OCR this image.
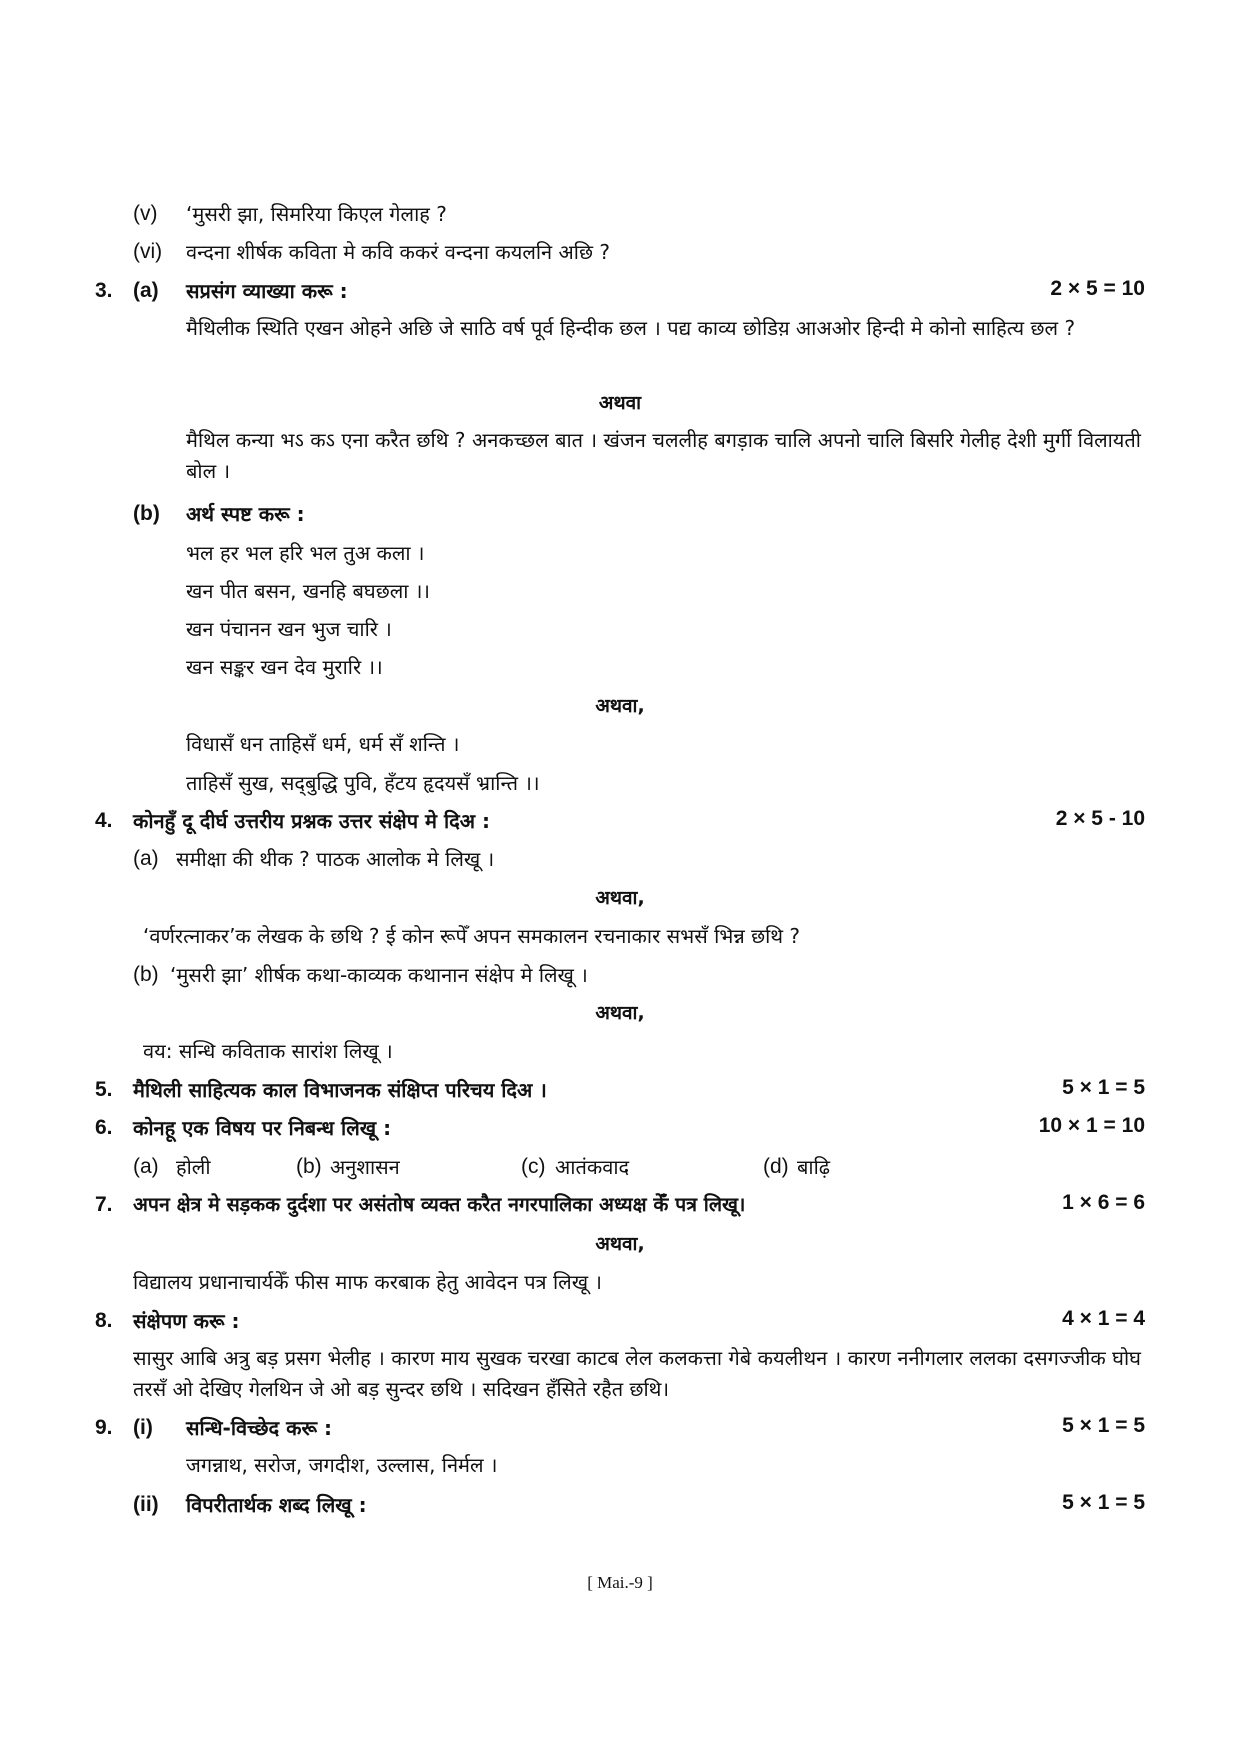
(v) ‘मुसरी झा, सिमरिया किएल गेलाह ?
(vi) वन्दना शीर्षक कविता मे कवि ककरं वन्दना कयलनि अछि ?
3. (a) सप्रसंग व्याख्या करू :	2 × 5 = 10
मैथिलीक स्थिति एखन ओहने अछि जे साठि वर्ष पूर्व हिन्दीक छल । पद्य काव्य छोडिय़ आअओर हिन्दी मे कोनो साहित्य छल ?
अथवा
मैथिल कन्या भऽ कऽ एना करैत छथि ? अनकच्छल बात । खंजन चललीह बगड़ाक चालि अपनो चालि बिसरि गेलीह देशी मुर्गी विलायती बोल ।
(b) अर्थ स्पष्ट करू :
भल हर भल हरि भल तुअ कला ।
खन पीत बसन, खनहि बघछला ।।
खन पंचानन खन भुज चारि ।
खन सङ्कर खन देव मुरारि ।।
अथवा,
विधासँ धन ताहिसँ धर्म, धर्म सँ शन्ति ।
ताहिसँ सुख, सद्‌बुद्धि पुवि, हँटय हृदयसँ भ्रान्ति ।।
4. कोनहुँ दू दीर्घ उत्तरीय प्रश्नक उत्तर संक्षेप मे दिअ :	2 × 5 - 10
(a) समीक्षा की थीक ? पाठक आलोक मे लिखू ।
अथवा,
‘वर्णरत्नाकर’क लेखक के छथि ? ई कोन रूपेँ अपन समकालन रचनाकार सभसँ भिन्न छथि ?
(b) ‘मुसरी झा’ शीर्षक कथा-काव्यक कथानान संक्षेप मे लिखू ।
अथवा,
वय: सन्धि कविताक सारांश लिखू ।
5. मैथिली साहित्यक काल विभाजनक संक्षिप्त परिचय दिअ ।	5 × 1 = 5
6. कोनहू एक विषय पर निबन्ध लिखू :	10 × 1 = 10
(a) होली	(b) अनुशासन	(c) आतंकवाद	(d) बाढ़ि
7. अपन क्षेत्र मे सड़कक दुर्दशा पर असंतोष व्यक्त करैत नगरपालिका अध्यक्ष केँ पत्र लिखू।	1 × 6 = 6
अथवा,
विद्यालय प्रधानाचार्यकेँ फीस माफ करबाक हेतु आवेदन पत्र लिखू ।
8. संक्षेपण करू :	4 × 1 = 4
सासुर आबि अत्रु बड़ प्रसग भेलीह । कारण माय सुखक चरखा काटब लेल कलकत्ता गेबे कयलीथन । कारण ननीगलार ललका दसगज्जीक घोघ तरसँ ओ देखिए गेलथिन जे ओ बड़ सुन्दर छथि । सदिखन हँसिते रहैत छथि।
9. (i) सन्धि-विच्छेद करू :	5 × 1 = 5
जगन्नाथ, सरोज, जगदीश, उल्लास, निर्मल ।
(ii) विपरीतार्थक शब्द लिखू :	5 × 1 = 5
[ Mai.-9 ]
